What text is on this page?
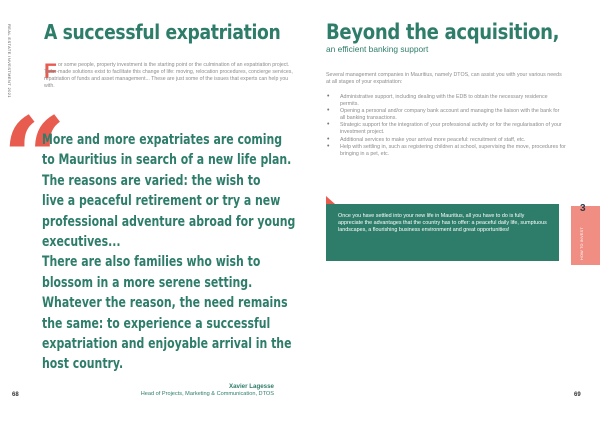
REAL ESTATE INVESTMENT 2021 A successful expatriation
F or some people, property investment is the starting point or the culmination of an expatriation project. Tailor-made solutions exist to facilitate this change of life: moving, relocation procedures, concierge services, repatriation of funds and asset management... These are just some of the issues that experts can help you with.

“
More and more expatriates are coming
to Mauritius in search of a new life plan.
The reasons are varied: the wish to
live a peaceful retirement or try a new
professional adventure abroad for young
executives...
There are also families who wish to
blossom in a more serene setting.
Whatever the reason, the need remains
the same: to experience a successful
expatriation and enjoyable arrival in the
host country.
Xavier Lagesse
Head of Projects, Marketing & Communication, DTOS
68
Beyond the acquisition,
an efficient banking support
Several management companies in Mauritius, namely DTOS, can assist you with your various needs at all stages of your expatriation:
• Administrative support, including dealing with the EDB to obtain the necessary residence permits.
• Opening a personal and/or company bank account and managing the liaison with the bank for all banking transactions.
• Strategic support for the integration of your professional activity or for the regularisation of your investment project.
• Additional services to make your arrival more peaceful: recruitment of staff, etc.
• Help with settling in, such as registering children at school, supervising the move, procedures for bringing in a pet, etc.
Once you have settled into your new life in Mauritius, all you have to do is fully appreciate the advantages that the country has to offer: a peaceful daily life, sumptuous landscapes, a flourishing business environment and great opportunities!
3
HOW TO INVEST
69
